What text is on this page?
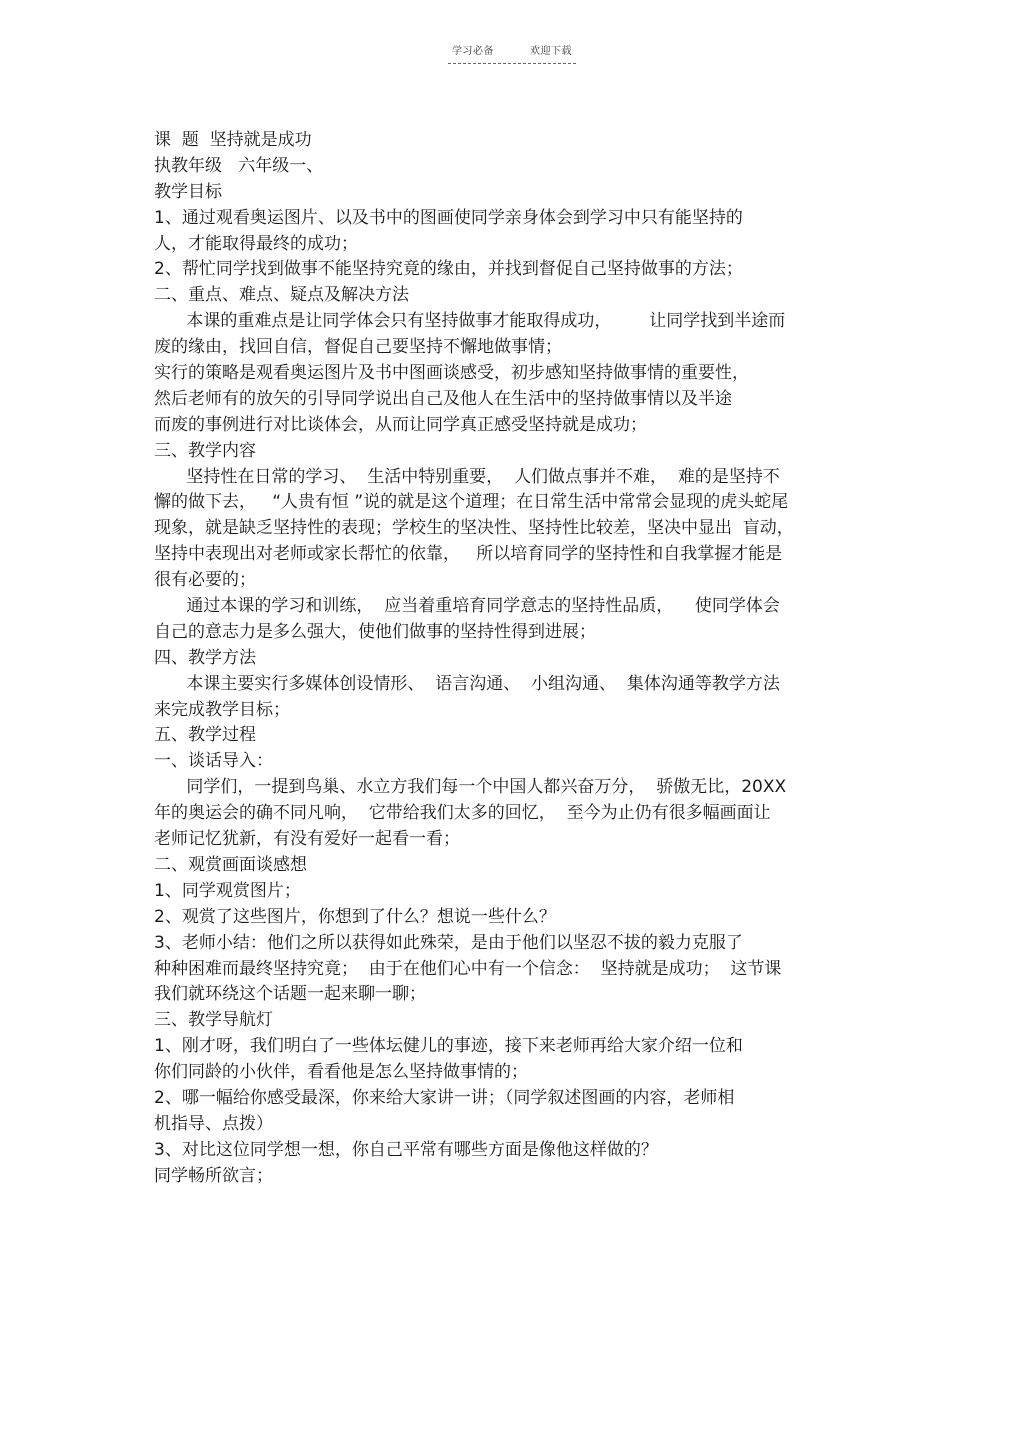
学习必备	欢迎下载
课  题  坚持就是成功
执教年级   六年级一、
教学目标
1、通过观看奥运图片、以及书中的图画使同学亲身体会到学习中只有能坚持的
人，才能取得最终的成功；
2、帮忙同学找到做事不能坚持究竟的缘由，并找到督促自己坚持做事的方法；
二、重点、难点、疑点及解决方法
本课的重难点是让同学体会只有坚持做事才能取得成功，       让同学找到半途而
废的缘由，找回自信，督促自己要坚持不懈地做事情；
实行的策略是观看奥运图片及书中图画谈感受，初步感知坚持做事情的重要性，
然后老师有的放矢的引导同学说出自己及他人在生活中的坚持做事情以及半途
而废的事例进行对比谈体会，从而让同学真正感受坚持就是成功；
三、教学内容
坚持性在日常的学习、  生活中特别重要，  人们做点事并不难，  难的是坚持不
懈的做下去，   “人贵有恒 ”说的就是这个道理；在日常生活中常常会显现的虎头蛇尾
现象，就是缺乏坚持性的表现；学校生的坚决性、坚持性比较差，坚决中显出  盲动，
坚持中表现出对老师或家长帮忙的依靠，   所以培育同学的坚持性和自我掌握才能是
很有必要的；
通过本课的学习和训练，  应当着重培育同学意志的坚持性品质，    使同学体会
自己的意志力是多么强大，使他们做事的坚持性得到进展；
四、教学方法
本课主要实行多媒体创设情形、  语言沟通、  小组沟通、  集体沟通等教学方法
来完成教学目标；
五、教学过程
一、谈话导入：
同学们，一提到鸟巢、水立方我们每一个中国人都兴奋万分，  骄傲无比，20XX
年的奥运会的确不同凡响，  它带给我们太多的回忆，  至今为止仍有很多幅画面让
老师记忆犹新，有没有爱好一起看一看；
二、观赏画面谈感想
1、同学观赏图片；
2、观赏了这些图片，你想到了什么？想说一些什么？
3、老师小结：他们之所以获得如此殊荣，是由于他们以坚忍不拔的毅力克服了
种种困难而最终坚持究竟；  由于在他们心中有一个信念：  坚持就是成功；  这节课
我们就环绕这个话题一起来聊一聊；
三、教学导航灯
1、刚才呀，我们明白了一些体坛健儿的事迹，接下来老师再给大家介绍一位和
你们同龄的小伙伴，看看他是怎么坚持做事情的；
2、哪一幅给你感受最深，你来给大家讲一讲；（同学叙述图画的内容，老师相
机指导、点拨）
3、对比这位同学想一想，你自己平常有哪些方面是像他这样做的？
同学畅所欲言；
